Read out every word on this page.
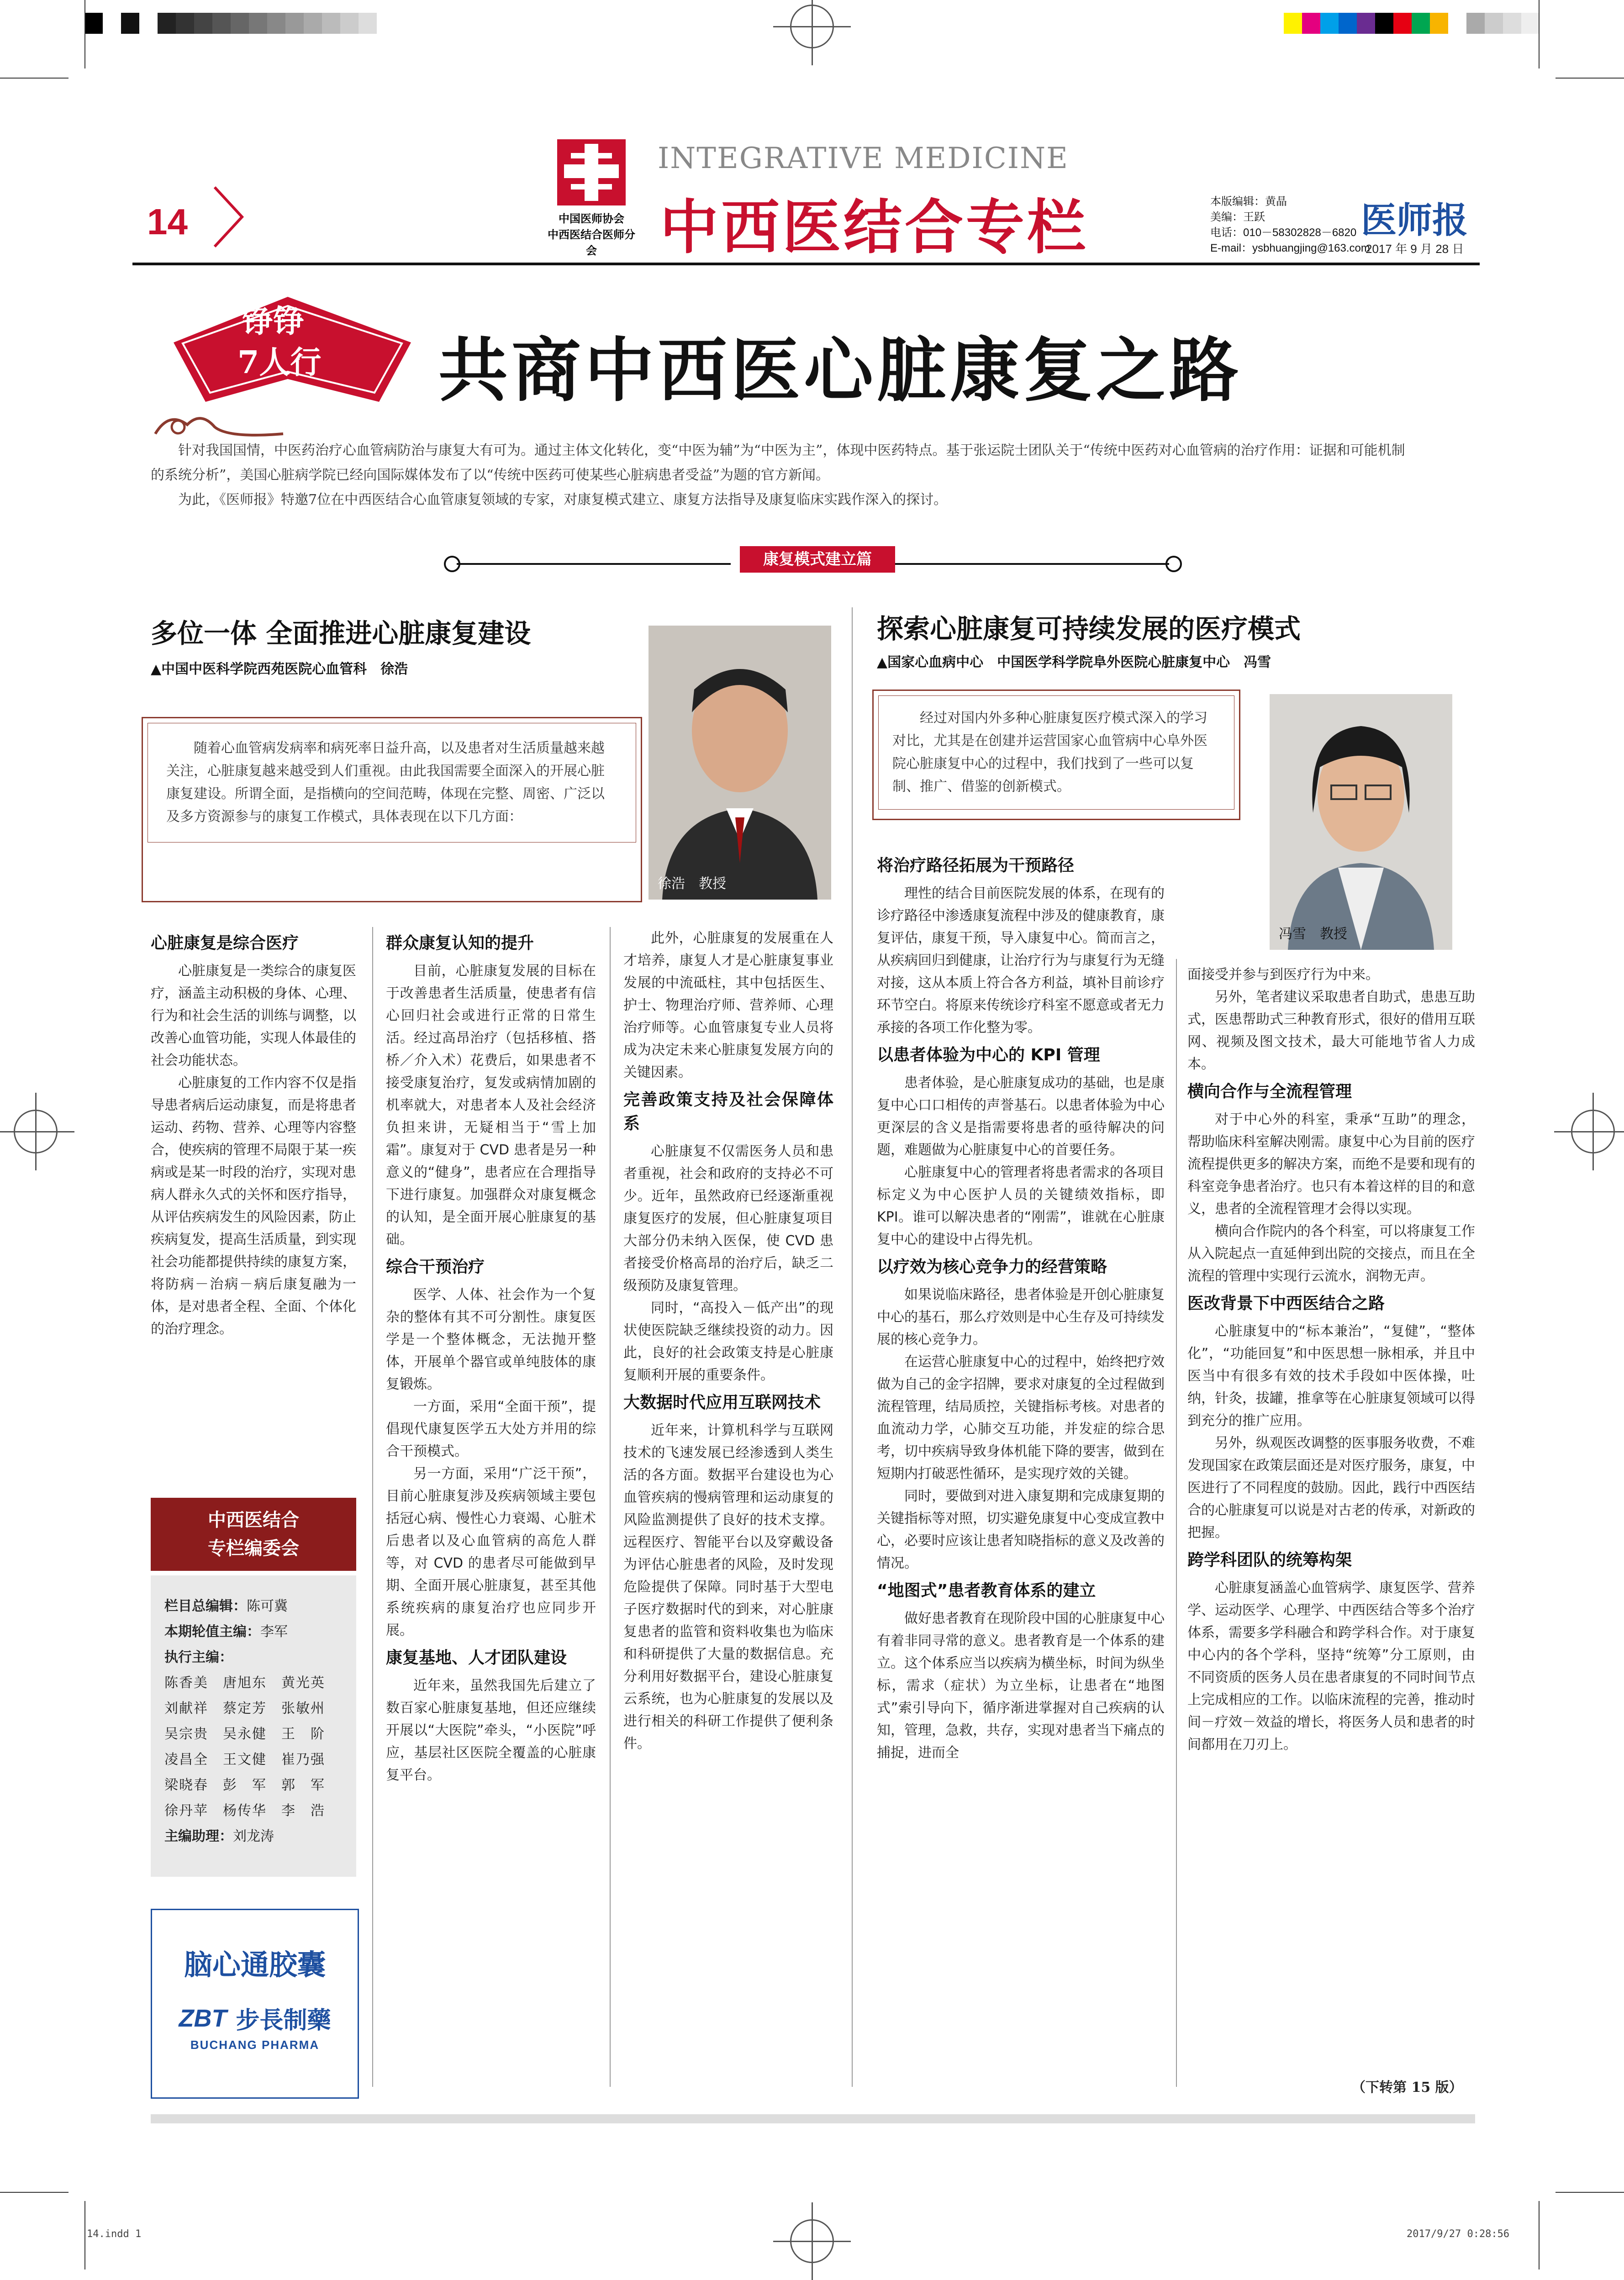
14	中国医师协会
中西医结合医师分会
INTEGRATIVE MEDICINE
中西医结合专栏	本版编辑：黄晶
美编：王跃
电话：010－58302828－6820
E-mail：ysbhuangjing@163.com
医师报
2017 年 9 月 28 日
铮铮
7人行 共商中西医心脏康复之路

针对我国国情，中医药治疗心血管病防治与康复大有可为。通过主体文化转化，变“中医为辅”为“中医为主”，体现中医药特点。基于张运院士团队关于“传统中医药对心血管病的治疗作用：证据和可能机制的系统分析”，美国心脏病学院已经向国际媒体发布了以“传统中医药可使某些心脏病患者受益”为题的官方新闻。

为此，《医师报》特邀7位在中西医结合心血管康复领域的专家，对康复模式建立、康复方法指导及康复临床实践作深入的探讨。

康复模式建立篇
多位一体 全面推进心脏康复建设
▲中国中医科学院西苑医院心血管科　徐浩
随着心血管病发病率和病死率日益升高，以及患者对生活质量越来越关注，心脏康复越来越受到人们重视。由此我国需要全面深入的开展心脏康复建设。所谓全面，是指横向的空间范畴，体现在完整、周密、广泛以及多方资源参与的康复工作模式，具体表现在以下几方面：
徐浩　教授
心脏康复是综合医疗

心脏康复是一类综合的康复医疗，涵盖主动积极的身体、心理、行为和社会生活的训练与调整，以改善心血管功能，实现人体最佳的社会功能状态。

心脏康复的工作内容不仅是指导患者病后运动康复，而是将患者运动、药物、营养、心理等内容整合，使疾病的管理不局限于某一疾病或是某一时段的治疗，实现对患病人群永久式的关怀和医疗指导，从评估疾病发生的风险因素，防止疾病复发，提高生活质量，到实现社会功能都提供持续的康复方案，将防病－治病－病后康复融为一体，是对患者全程、全面、个体化的治疗理念。

群众康复认知的提升

目前，心脏康复发展的目标在于改善患者生活质量，使患者有信心回归社会或进行正常的日常生活。经过高昂治疗（包括移植、搭桥／介入术）花费后，如果患者不接受康复治疗，复发或病情加剧的机率就大，对患者本人及社会经济负担来讲，无疑相当于“雪上加霜”。康复对于 CVD 患者是另一种意义的“健身”，患者应在合理指导下进行康复。加强群众对康复概念的认知，是全面开展心脏康复的基础。

综合干预治疗

医学、人体、社会作为一个复杂的整体有其不可分割性。康复医学是一个整体概念，无法抛开整体，开展单个器官或单纯肢体的康复锻炼。

一方面，采用“全面干预”，提倡现代康复医学五大处方并用的综合干预模式。

另一方面，采用“广泛干预”，目前心脏康复涉及疾病领域主要包括冠心病、慢性心力衰竭、心脏术后患者以及心血管病的高危人群等，对 CVD 的患者尽可能做到早期、全面开展心脏康复，甚至其他系统疾病的康复治疗也应同步开展。

康复基地、人才团队建设

近年来，虽然我国先后建立了数百家心脏康复基地，但还应继续开展以“大医院”牵头，“小医院”呼应，基层社区医院全覆盖的心脏康复平台。

此外，心脏康复的发展重在人才培养，康复人才是心脏康复事业发展的中流砥柱，其中包括医生、护士、物理治疗师、营养师、心理治疗师等。心血管康复专业人员将成为决定未来心脏康复发展方向的关键因素。

完善政策支持及社会保障体系

心脏康复不仅需医务人员和患者重视，社会和政府的支持必不可少。近年，虽然政府已经逐渐重视康复医疗的发展，但心脏康复项目大部分仍未纳入医保，使 CVD 患者接受价格高昂的治疗后，缺乏二级预防及康复管理。

同时，“高投入－低产出”的现状使医院缺乏继续投资的动力。因此，良好的社会政策支持是心脏康复顺利开展的重要条件。

大数据时代应用互联网技术

近年来，计算机科学与互联网技术的飞速发展已经渗透到人类生活的各方面。数据平台建设也为心血管疾病的慢病管理和运动康复的风险监测提供了良好的技术支撑。远程医疗、智能平台以及穿戴设备为评估心脏患者的风险，及时发现危险提供了保障。同时基于大型电子医疗数据时代的到来，对心脏康复患者的监管和资料收集也为临床和科研提供了大量的数据信息。充分利用好数据平台，建设心脏康复云系统，也为心脏康复的发展以及进行相关的科研工作提供了便利条件。

探索心脏康复可持续发展的医疗模式
▲国家心血病中心　中国医学科学院阜外医院心脏康复中心　冯雪
经过对国内外多种心脏康复医疗模式深入的学习对比，尤其是在创建并运营国家心血管病中心阜外医院心脏康复中心的过程中，我们找到了一些可以复制、推广、借鉴的创新模式。
冯雪　教授
将治疗路径拓展为干预路径

理性的结合目前医院发展的体系，在现有的诊疗路径中渗透康复流程中涉及的健康教育，康复评估，康复干预，导入康复中心。简而言之，从疾病回归到健康，让治疗行为与康复行为无缝对接，这从本质上符合各方利益，填补目前诊疗环节空白。将原来传统诊疗科室不愿意或者无力承接的各项工作化整为零。

以患者体验为中心的 KPI 管理

患者体验，是心脏康复成功的基础，也是康复中心口口相传的声誉基石。以患者体验为中心更深层的含义是指需要将患者的亟待解决的问题，难题做为心脏康复中心的首要任务。

心脏康复中心的管理者将患者需求的各项目标定义为中心医护人员的关键绩效指标，即 KPI。谁可以解决患者的“刚需”，谁就在心脏康复中心的建设中占得先机。

以疗效为核心竞争力的经营策略

如果说临床路径，患者体验是开创心脏康复中心的基石，那么疗效则是中心生存及可持续发展的核心竞争力。

在运营心脏康复中心的过程中，始终把疗效做为自己的金字招牌，要求对康复的全过程做到流程管理，结局质控，关键指标考核。对患者的血流动力学，心肺交互功能，并发症的综合思考，切中疾病导致身体机能下降的要害，做到在短期内打破恶性循环，是实现疗效的关键。

同时，要做到对进入康复期和完成康复期的关键指标等对照，切实避免康复中心变成宣教中心，必要时应该让患者知晓指标的意义及改善的情况。

“地图式”患者教育体系的建立

做好患者教育在现阶段中国的心脏康复中心有着非同寻常的意义。患者教育是一个体系的建立。这个体系应当以疾病为横坐标，时间为纵坐标，需求（症状）为立坐标，让患者在“地图式”索引导向下，循序渐进掌握对自己疾病的认知，管理，急救，共存，实现对患者当下痛点的捕捉，进而全

面接受并参与到医疗行为中来。

另外，笔者建议采取患者自助式，患患互助式，医患帮助式三种教育形式，很好的借用互联网、视频及图文技术，最大可能地节省人力成本。

横向合作与全流程管理

对于中心外的科室，秉承“互助”的理念，帮助临床科室解决刚需。康复中心为目前的医疗流程提供更多的解决方案，而绝不是要和现有的科室竞争患者治疗。也只有本着这样的目的和意义，患者的全流程管理才会得以实现。

横向合作院内的各个科室，可以将康复工作从入院起点一直延伸到出院的交接点，而且在全流程的管理中实现行云流水，润物无声。

医改背景下中西医结合之路

心脏康复中的“标本兼治”，“复健”，“整体化”，“功能回复”和中医思想一脉相承，并且中医当中有很多有效的技术手段如中医体操，吐纳，针灸，拔罐，推拿等在心脏康复领域可以得到充分的推广应用。

另外，纵观医改调整的医事服务收费，不难发现国家在政策层面还是对医疗服务，康复，中医进行了不同程度的鼓励。因此，践行中西医结合的心脏康复可以说是对古老的传承，对新政的把握。

跨学科团队的统筹构架

心脏康复涵盖心血管病学、康复医学、营养学、运动医学、心理学、中西医结合等多个治疗体系，需要多学科融合和跨学科合作。对于康复中心内的各个学科，坚持“统筹”分工原则，由不同资质的医务人员在患者康复的不同时间节点上完成相应的工作。以临床流程的完善，推动时间－疗效－效益的增长，将医务人员和患者的时间都用在刀刃上。

（下转第 15 版）
中西医结合
专栏编委会
栏目总编辑：陈可冀
本期轮值主编：李军
执行主编：
陈香美　唐旭东　黄光英
刘献祥　蔡定芳　张敏州
吴宗贵　吴永健　王　阶
凌昌全　王文健　崔乃强
梁晓春　彭　军　郭　军
徐丹苹　杨传华　李　浩
主编助理：刘龙涛
脑心通胶囊
ZBT 步長制藥
BUCHANG PHARMA
14.indd 1	2017/9/27 0:28:56
